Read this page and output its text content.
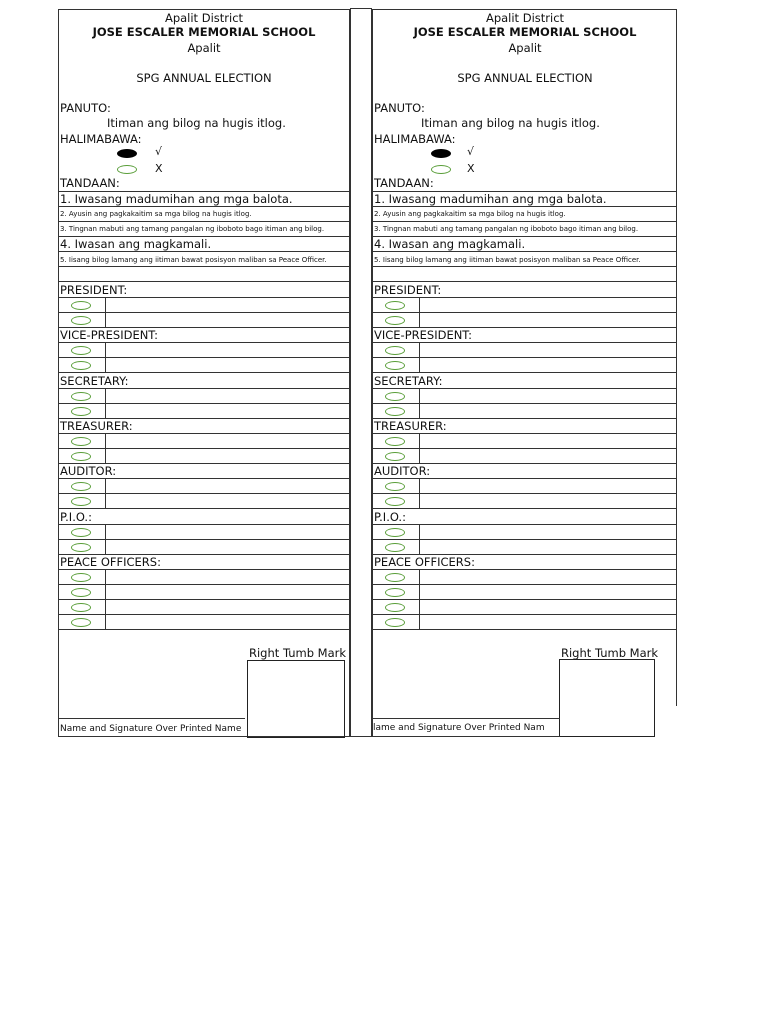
Apalit District
JOSE ESCALER MEMORIAL SCHOOL
Apalit
SPG ANNUAL ELECTION
PANUTO:
Itiman ang bilog na hugis itlog.
HALIMABAWA:
√
X
TANDAAN:
1. Iwasang madumihan ang mga balota.
2. Ayusin ang pagkakaitim sa mga bilog na hugis itlog.
3. Tingnan mabuti ang tamang pangalan ng iboboto bago itiman ang bilog.
4. Iwasan ang magkamali.
5. Iisang bilog lamang ang iitiman bawat posisyon maliban sa Peace Officer.
PRESIDENT:
VICE-PRESIDENT:
SECRETARY:
TREASURER:
AUDITOR:
P.I.O.:
PEACE OFFICERS:
Right Tumb Mark
Name and Signature Over Printed Name
Apalit District
JOSE ESCALER MEMORIAL SCHOOL
Apalit
SPG ANNUAL ELECTION
PANUTO:
Itiman ang bilog na hugis itlog.
HALIMABAWA:
√
X
TANDAAN:
1. Iwasang madumihan ang mga balota.
2. Ayusin ang pagkakaitim sa mga bilog na hugis itlog.
3. Tingnan mabuti ang tamang pangalan ng iboboto bago itiman ang bilog.
4. Iwasan ang magkamali.
5. Iisang bilog lamang ang iitiman bawat posisyon maliban sa Peace Officer.
PRESIDENT:
VICE-PRESIDENT:
SECRETARY:
TREASURER:
AUDITOR:
P.I.O.:
PEACE OFFICERS:
Right Tumb Mark
lame and Signature Over Printed Nam
